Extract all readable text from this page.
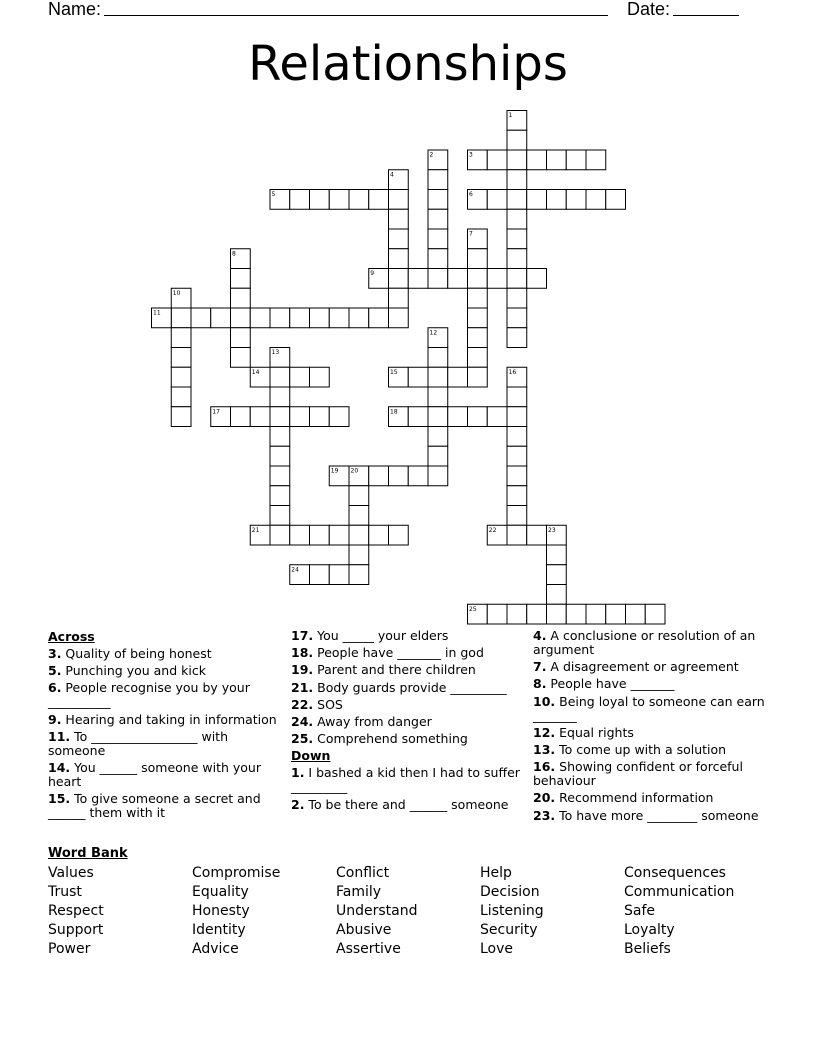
Name:	Date:
Relationships
1
2	3
4
5	6
7
8
9
10
11
12
13
14	15	16
17	18
19 20
21	22	23
24
25
Across
3. Quality of being honest
5. Punching you and kick
6. People recognise you by your __________
9. Hearing and taking in information
11. To _________________ with someone
14. You ______ someone with your heart
15. To give someone a secret and ______ them with it
17. You _____ your elders
18. People have _______ in god
19. Parent and there children
21. Body guards provide _________
22. SOS
24. Away from danger
25. Comprehend something
Down
1. I bashed a kid then I had to suffer _________
2. To be there and ______ someone
4. A conclusione or resolution of an argument
7. A disagreement or agreement
8. People have _______
10. Being loyal to someone can earn _______
12. Equal rights
13. To come up with a solution
16. Showing confident or forceful behaviour
20. Recommend information
23. To have more ________ someone
Word Bank
Values
Trust
Respect
Support
Power
Compromise
Equality
Honesty
Identity
Advice
Conflict
Family
Understand
Abusive
Assertive
Help
Decision
Listening
Security
Love
Consequences
Communication
Safe
Loyalty
Beliefs
